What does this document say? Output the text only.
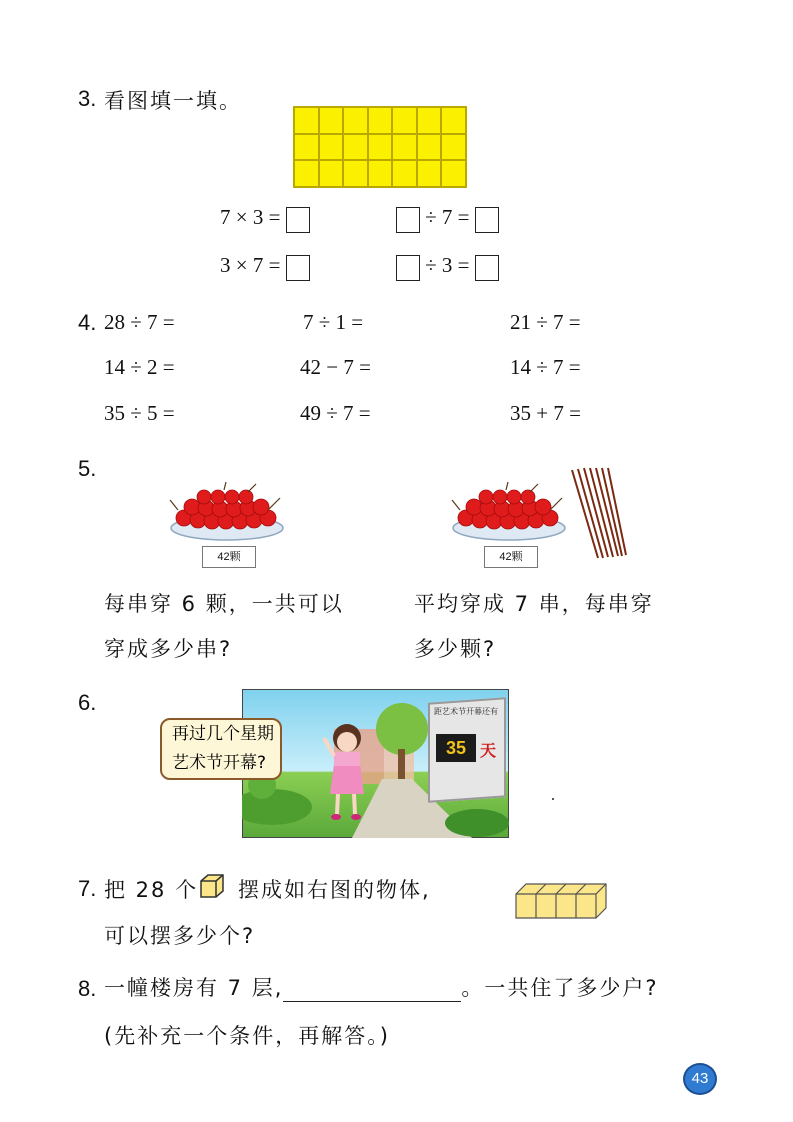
3. 看图填一填。
7 × 3 =	÷ 7 =
3 × 7 =	÷ 3 =
4. 28 ÷ 7 =	7 ÷ 1 =	21 ÷ 7 =
14 ÷ 2 =	42 − 7 =	14 ÷ 7 =
35 ÷ 5 =	49 ÷ 7 =	35 + 7 =
5.
42颗	42颗
每串穿 6 颗，一共可以
穿成多少串?
平均穿成 7 串，每串穿
多少颗?
6.
再过几个星期
艺术节开幕?
距艺术节开幕还有
35 天
7. 把 28 个 摆成如右图的物体,
可以摆多少个?
8. 一幢楼房有 7 层,	。一共住了多少户?
(先补充一个条件，再解答。)
43
